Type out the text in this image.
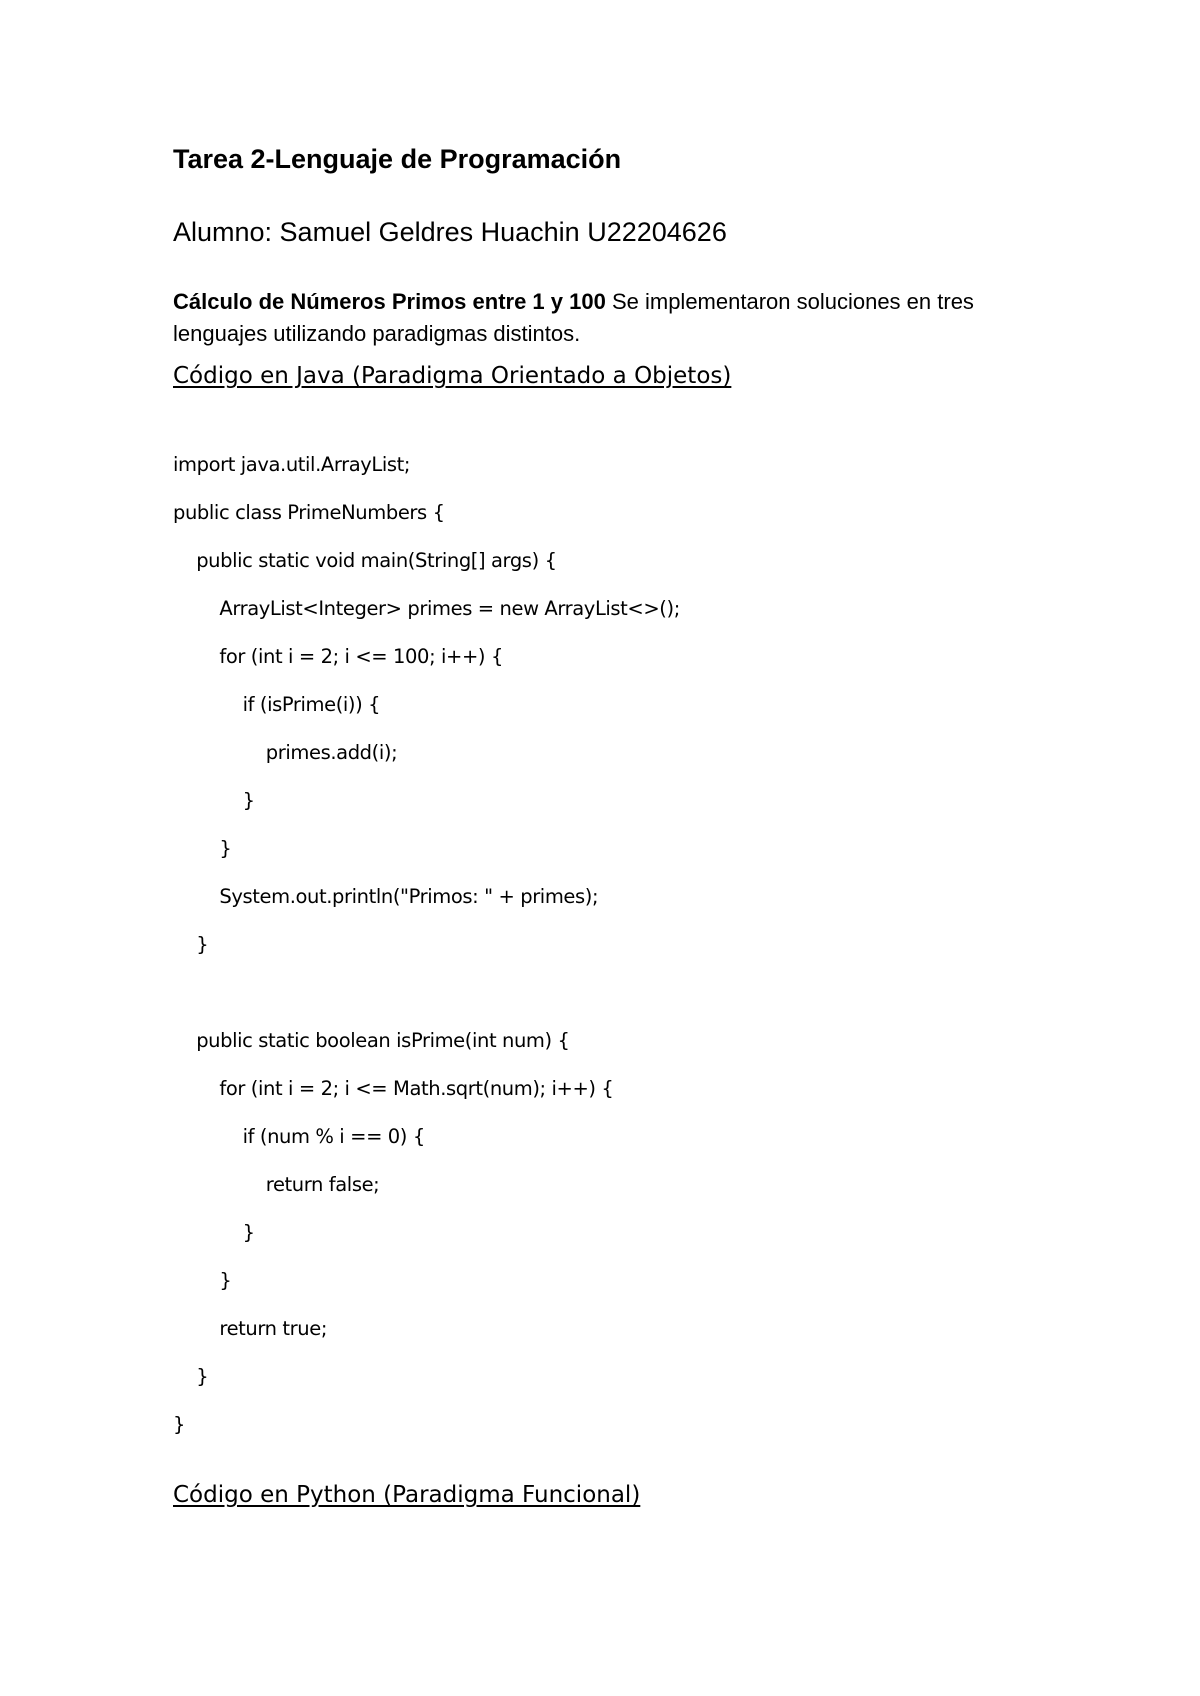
Tarea 2-Lenguaje de Programación

Alumno: Samuel Geldres Huachin U22204626

Cálculo de Números Primos entre 1 y 100 Se implementaron soluciones en tres lenguajes utilizando paradigmas distintos.

Código en Java (Paradigma Orientado a Objetos)
import java.util.ArrayList;
public class PrimeNumbers {
public static void main(String[] args) {
ArrayList<Integer> primes = new ArrayList<>();
for (int i = 2; i <= 100; i++) {
if (isPrime(i)) {
primes.add(i);
}
}
System.out.println("Primos: " + primes);
}
public static boolean isPrime(int num) {
for (int i = 2; i <= Math.sqrt(num); i++) {
if (num % i == 0) {
return false;
}
}
return true;
}
}
Código en Python (Paradigma Funcional)
